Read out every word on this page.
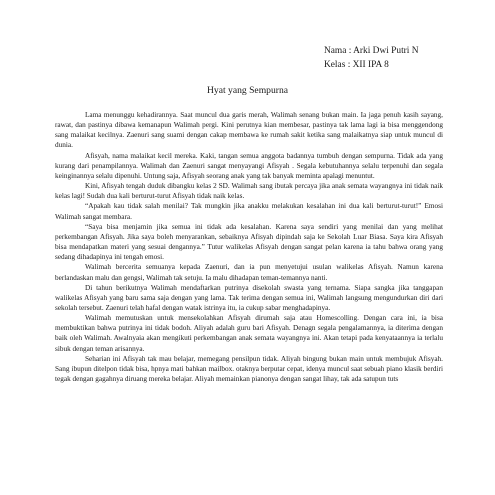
Nama : Arki Dwi Putri N
Kelas : XII IPA 8
Hyat yang Sempurna

Lama menunggu kehadirannya. Saat muncul dua garis merah, Walimah senang bukan main. Ia jaga penuh kasih sayang, rawat, dan pastinya dibawa kemanapun Walimah pergi. Kini perutnya kian membesar, pastinya tak lama lagi ia bisa menggendong sang malaikat kecilnya. Zaenuri sang suami dengan cakap membawa ke rumah sakit ketika sang malaikatnya siap untuk muncul di dunia.

Afisyah, nama malaikat kecil mereka. Kaki, tangan semua anggota badannya tumbuh dengan sempurna. Tidak ada yang kurang dari penampilannya. Walimah dan Zaenuri sangat menyayangi Afisyah . Segala kebutuhannya selalu terpenuhi dan segala keinginannya selalu dipenuhi. Untung saja, Afisyah seorang anak yang tak banyak meminta apalagi menuntut.

Kini, Afisyah tengah duduk dibangku kelas 2 SD. Walimah sang ibutak percaya jika anak semata wayangnya ini tidak naik kelas lagi! Sudah dua kali berturut-turut Afisyah tidak naik kelas.

“Apakah kau tidak salah menilai? Tak mungkin jika anakku melakukan kesalahan ini dua kali berturut-turut!” Emosi Walimah sangat membara.

“Saya bisa menjamin jika semua ini tidak ada kesalahan. Karena saya sendiri yang menilai dan yang melihat perkembangan Afisyah. Jika saya boleh menyarankan, sebaiknya Afisyah dipindah saja ke Sekolah Luar Biasa. Saya kira Afisyah bisa mendapatkan materi yang sesuai dengannya.” Tutur walikelas Afisyah dengan sangat pelan karena ia tahu bahwa orang yang sedang dihadapinya ini tengah emosi.

Walimah bercerita semuanya kepada Zaenuri, dan ia pun menyetujui usulan walikelas Afisyah. Namun karena berlandaskan malu dan gengsi, Walimah tak setuju. Ia malu dihadapan teman-temannya nanti.

Di tahun berikutnya Walimah mendaftarkan putrinya disekolah swasta yang ternama. Siapa sangka jika tanggapan walikelas Afisyah yang baru sama saja dengan yang lama. Tak terima dengan semua ini, Walimah langsung mengundurkan diri dari sekolah tersebut. Zaenuri telah hafal dengan watak istrinya itu, ia cukup sabar menghadapinya.

Walimah memutuskan untuk mensekolahkan Afisyah dirumah saja atau Homescolling. Dengan cara ini, ia bisa membuktikan bahwa putrinya ini tidak bodoh. Aliyah adalah guru bari Afisyah. Denagn segala pengalamannya, ia diterima dengan baik oleh Walimah. Awalnyaia akan mengikuti perkembangan anak semata wayangnya ini. Akan tetapi pada kenyataannya ia terlalu sibuk dengan teman arisannya.

Seharian ini Afisyah tak mau belajar, memegang pensilpun tidak. Aliyah bingung bukan main untuk membujuk Afisyah. Sang ibupun ditelpon tidak bisa, hpnya mati bahkan mailbox. otaknya berputar cepat, idenya muncul saat sebuah piano klasik berdiri tegak dengan gagahnya diruang mereka belajar. Aliyah memainkan pianonya dengan sangat lihay, tak ada satupun tuts
